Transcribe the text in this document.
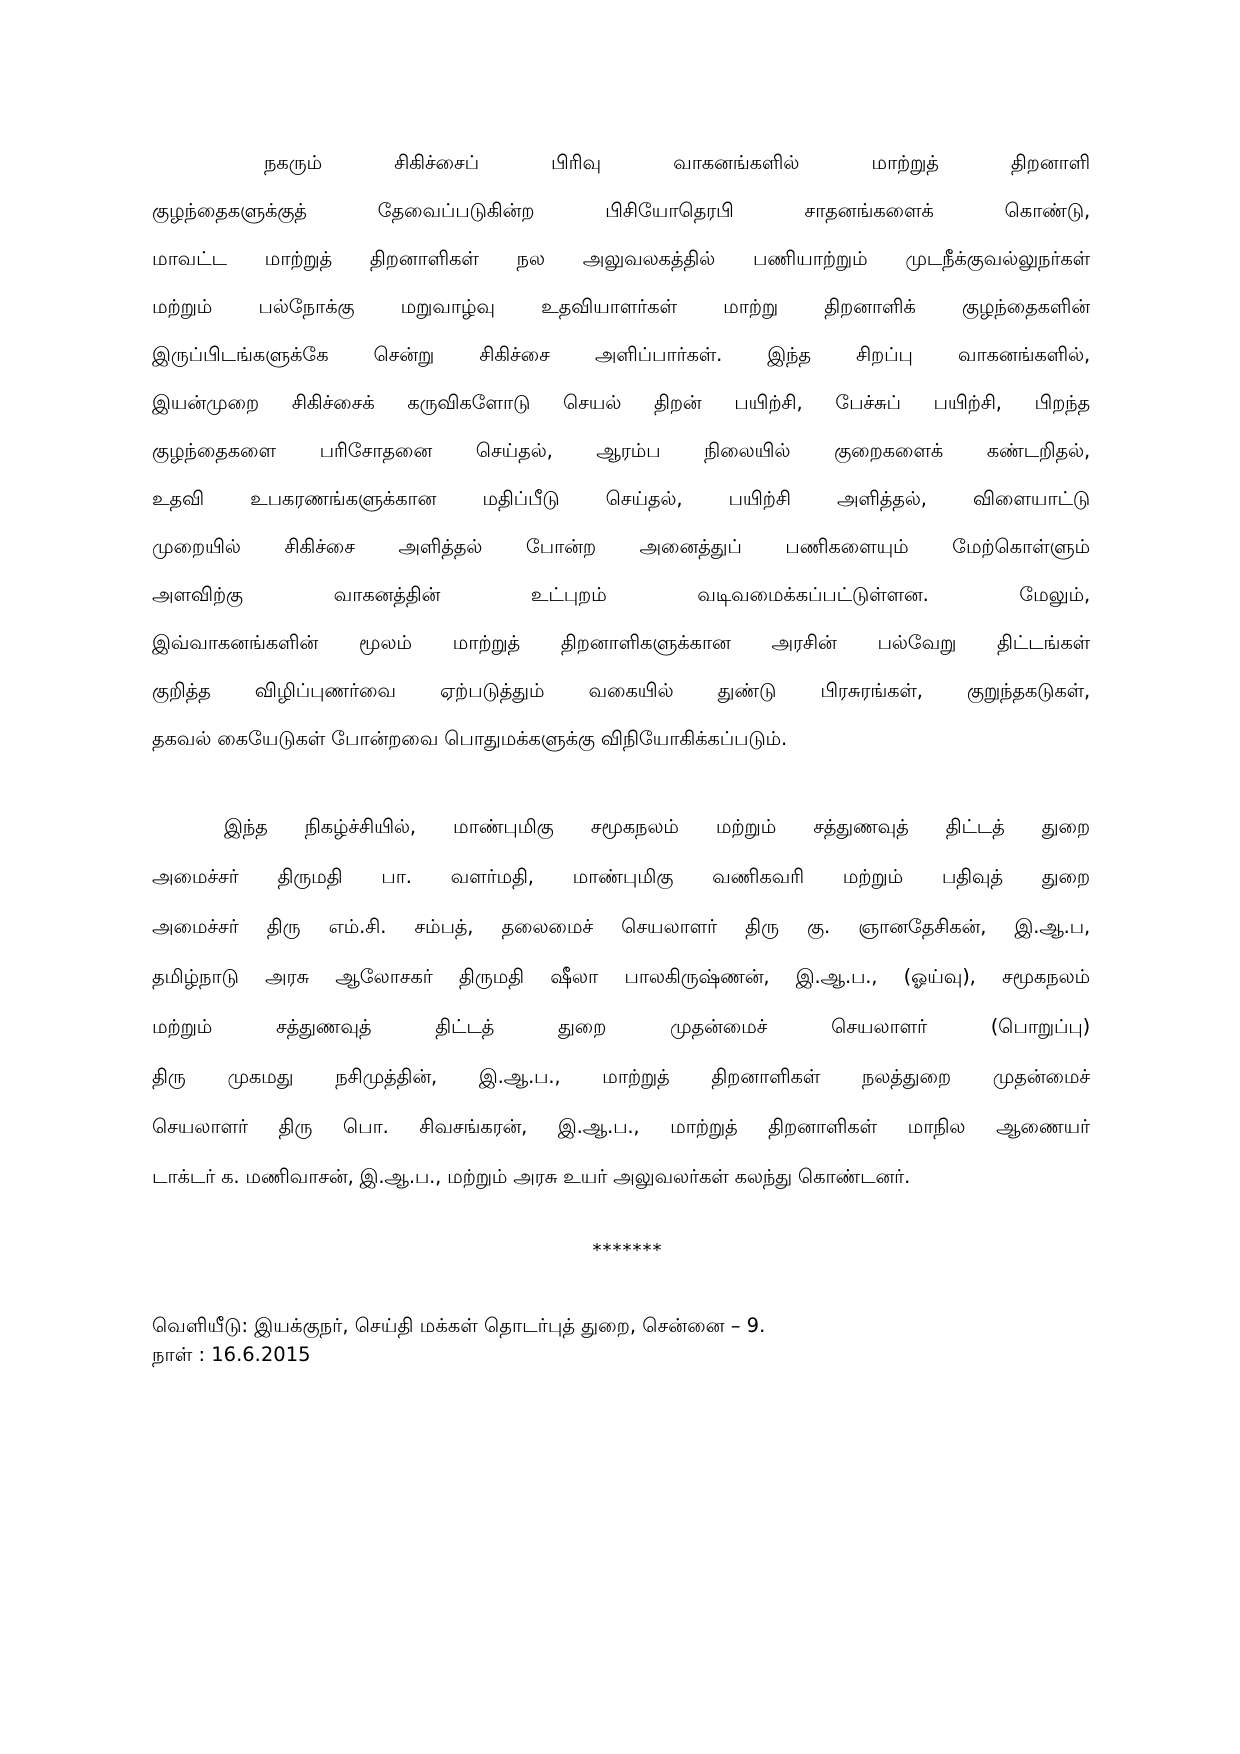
நகரும் சிகிச்சைப் பிரிவு வாகனங்களில் மாற்றுத் திறனாளி
குழந்தைகளுக்குத் தேவைப்படுகின்ற பிசியோதெரபி சாதனங்களைக் கொண்டு,
மாவட்ட மாற்றுத் திறனாளிகள் நல அலுவலகத்தில் பணியாற்றும் முடநீக்குவல்லுநர்கள்
மற்றும் பல்நோக்கு மறுவாழ்வு உதவியாளர்கள் மாற்று திறனாளிக் குழந்தைகளின்
இருப்பிடங்களுக்கே சென்று சிகிச்சை அளிப்பார்கள். இந்த சிறப்பு வாகனங்களில்,
இயன்முறை சிகிச்சைக் கருவிகளோடு செயல் திறன் பயிற்சி, பேச்சுப் பயிற்சி, பிறந்த
குழந்தைகளை பரிசோதனை செய்தல், ஆரம்ப நிலையில் குறைகளைக் கண்டறிதல்,
உதவி உபகரணங்களுக்கான மதிப்பீடு செய்தல், பயிற்சி அளித்தல், விளையாட்டு
முறையில் சிகிச்சை அளித்தல் போன்ற அனைத்துப் பணிகளையும் மேற்கொள்ளும்
அளவிற்கு வாகனத்தின் உட்புறம் வடிவமைக்கப்பட்டுள்ளன. மேலும்,
இவ்வாகனங்களின் மூலம் மாற்றுத் திறனாளிகளுக்கான அரசின் பல்வேறு திட்டங்கள்
குறித்த விழிப்புணர்வை ஏற்படுத்தும் வகையில் துண்டு பிரசுரங்கள், குறுந்தகடுகள்,
தகவல் கையேடுகள் போன்றவை பொதுமக்களுக்கு விநியோகிக்கப்படும்.
இந்த நிகழ்ச்சியில், மாண்புமிகு சமூகநலம் மற்றும் சத்துணவுத் திட்டத் துறை
அமைச்சர் திருமதி பா. வளர்மதி, மாண்புமிகு வணிகவரி மற்றும் பதிவுத் துறை
அமைச்சர் திரு எம்.சி. சம்பத், தலைமைச் செயலாளர் திரு கு. ஞானதேசிகன், இ.ஆ.ப,
தமிழ்நாடு அரசு ஆலோசகர் திருமதி ஷீலா பாலகிருஷ்ணன், இ.ஆ.ப., (ஓய்வு), சமூகநலம்
மற்றும் சத்துணவுத் திட்டத் துறை முதன்மைச் செயலாளர் (பொறுப்பு)
திரு முகமது நசிமுத்தின், இ.ஆ.ப., மாற்றுத் திறனாளிகள் நலத்துறை முதன்மைச்
செயலாளர் திரு பொ. சிவசங்கரன், இ.ஆ.ப., மாற்றுத் திறனாளிகள் மாநில ஆணையர்
டாக்டர் க. மணிவாசன், இ.ஆ.ப., மற்றும் அரசு உயர் அலுவலர்கள் கலந்து கொண்டனர்.
*******
வெளியீடு: இயக்குநர், செய்தி மக்கள் தொடர்புத் துறை, சென்னை – 9.
நாள் : 16.6.2015
